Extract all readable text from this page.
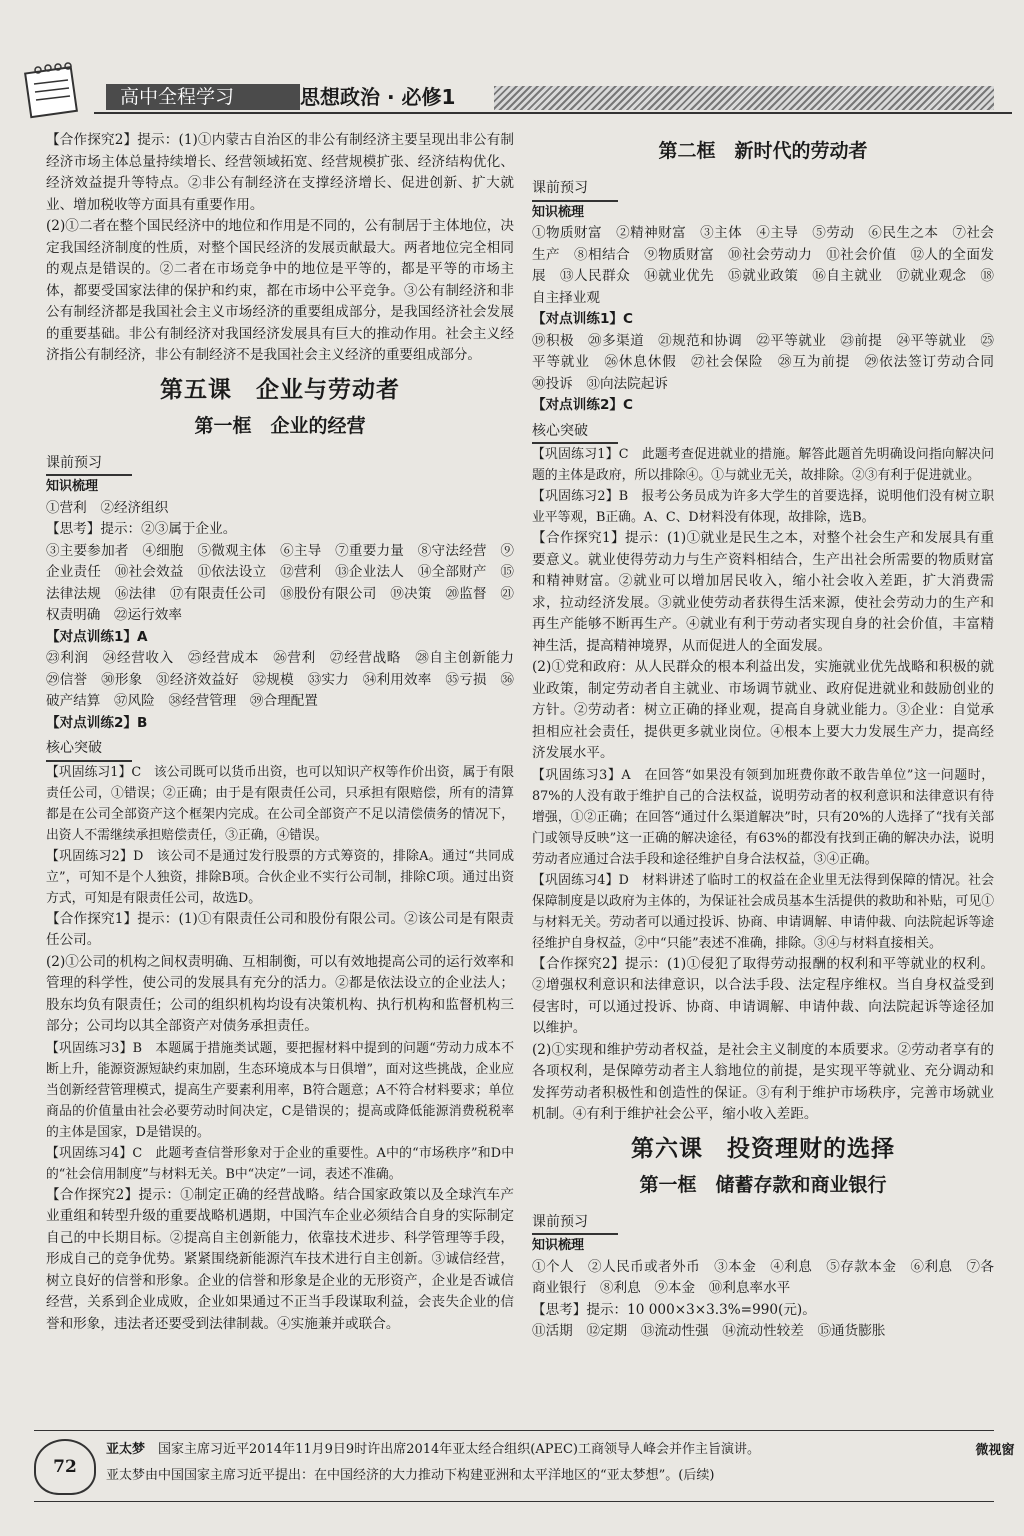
高中全程学习	思想政治 · 必修1

【合作探究2】提示：(1)①内蒙古自治区的非公有制经济主要呈现出非公有制经济市场主体总量持续增长、经营领域拓宽、经营规模扩张、经济结构优化、经济效益提升等特点。②非公有制经济在支撑经济增长、促进创新、扩大就业、增加税收等方面具有重要作用。

(2)①二者在整个国民经济中的地位和作用是不同的，公有制居于主体地位，决定我国经济制度的性质，对整个国民经济的发展贡献最大。两者地位完全相同的观点是错误的。②二者在市场竞争中的地位是平等的，都是平等的市场主体，都要受国家法律的保护和约束，都在市场中公平竞争。③公有制经济和非公有制经济都是我国社会主义市场经济的重要组成部分，是我国经济社会发展的重要基础。非公有制经济对我国经济发展具有巨大的推动作用。社会主义经济指公有制经济，非公有制经济不是我国社会主义经济的重要组成部分。

第五课　企业与劳动者
第一框　企业的经营
课前预习
知识梳理

①营利　②经济组织

【思考】提示：②③属于企业。

③主要参加者　④细胞　⑤微观主体　⑥主导　⑦重要力量　⑧守法经营　⑨企业责任　⑩社会效益　⑪依法设立　⑫营利　⑬企业法人　⑭全部财产　⑮法律法规　⑯法律　⑰有限责任公司　⑱股份有限公司　⑲决策　⑳监督　㉑权责明确　㉒运行效率

【对点训练1】A

㉓利润　㉔经营收入　㉕经营成本　㉖营利　㉗经营战略　㉘自主创新能力　㉙信誉　㉚形象　㉛经济效益好　㉜规模　㉝实力　㉞利用效率　㉟亏损　㊱破产结算　㊲风险　㊳经营管理　㊴合理配置

【对点训练2】B

核心突破

【巩固练习1】C　该公司既可以货币出资，也可以知识产权等作价出资，属于有限责任公司，①错误；②正确；由于是有限责任公司，只承担有限赔偿，所有的清算都是在公司全部资产这个框架内完成。在公司全部资产不足以清偿债务的情况下，出资人不需继续承担赔偿责任，③正确，④错误。

【巩固练习2】D　该公司不是通过发行股票的方式筹资的，排除A。通过“共同成立”，可知不是个人独资，排除B项。合伙企业不实行公司制，排除C项。通过出资方式，可知是有限责任公司，故选D。

【合作探究1】提示：(1)①有限责任公司和股份有限公司。②该公司是有限责任公司。

(2)①公司的机构之间权责明确、互相制衡，可以有效地提高公司的运行效率和管理的科学性，使公司的发展具有充分的活力。②都是依法设立的企业法人；股东均负有限责任；公司的组织机构均设有决策机构、执行机构和监督机构三部分；公司均以其全部资产对债务承担责任。

【巩固练习3】B　本题属于措施类试题，要把握材料中提到的问题“劳动力成本不断上升，能源资源短缺约束加剧，生态环境成本与日俱增”，面对这些挑战，企业应当创新经营管理模式，提高生产要素利用率，B符合题意；A不符合材料要求；单位商品的价值量由社会必要劳动时间决定，C是错误的；提高或降低能源消费税税率的主体是国家，D是错误的。

【巩固练习4】C　此题考查信誉形象对于企业的重要性。A中的“市场秩序”和D中的“社会信用制度”与材料无关。B中“决定”一词，表述不准确。

【合作探究2】提示：①制定正确的经营战略。结合国家政策以及全球汽车产业重组和转型升级的重要战略机遇期，中国汽车企业必须结合自身的实际制定自己的中长期目标。②提高自主创新能力，依靠技术进步、科学管理等手段，形成自己的竞争优势。紧紧围绕新能源汽车技术进行自主创新。③诚信经营，树立良好的信誉和形象。企业的信誉和形象是企业的无形资产，企业是否诚信经营，关系到企业成败，企业如果通过不正当手段谋取利益，会丧失企业的信誉和形象，违法者还要受到法律制裁。④实施兼并或联合。

第二框　新时代的劳动者
课前预习
知识梳理

①物质财富　②精神财富　③主体　④主导　⑤劳动　⑥民生之本　⑦社会生产　⑧相结合　⑨物质财富　⑩社会劳动力　⑪社会价值　⑫人的全面发展　⑬人民群众　⑭就业优先　⑮就业政策　⑯自主就业　⑰就业观念　⑱自主择业观

【对点训练1】C

⑲积极　⑳多渠道　㉑规范和协调　㉒平等就业　㉓前提　㉔平等就业　㉕平等就业　㉖休息休假　㉗社会保险　㉘互为前提　㉙依法签订劳动合同　㉚投诉　㉛向法院起诉

【对点训练2】C

核心突破

【巩固练习1】C　此题考查促进就业的措施。解答此题首先明确设问指向解决问题的主体是政府，所以排除④。①与就业无关，故排除。②③有利于促进就业。

【巩固练习2】B　报考公务员成为许多大学生的首要选择，说明他们没有树立职业平等观，B正确。A、C、D材料没有体现，故排除，选B。

【合作探究1】提示：(1)①就业是民生之本，对整个社会生产和发展具有重要意义。就业使得劳动力与生产资料相结合，生产出社会所需要的物质财富和精神财富。②就业可以增加居民收入，缩小社会收入差距，扩大消费需求，拉动经济发展。③就业使劳动者获得生活来源，使社会劳动力的生产和再生产能够不断再生产。④就业有利于劳动者实现自身的社会价值，丰富精神生活，提高精神境界，从而促进人的全面发展。

(2)①党和政府：从人民群众的根本利益出发，实施就业优先战略和积极的就业政策，制定劳动者自主就业、市场调节就业、政府促进就业和鼓励创业的方针。②劳动者：树立正确的择业观，提高自身就业能力。③企业：自觉承担相应社会责任，提供更多就业岗位。④根本上要大力发展生产力，提高经济发展水平。

【巩固练习3】A　在回答“如果没有领到加班费你敢不敢告单位”这一问题时，87%的人没有敢于维护自己的合法权益，说明劳动者的权利意识和法律意识有待增强，①②正确；在回答“通过什么渠道解决”时，只有20%的人选择了“找有关部门或领导反映”这一正确的解决途径，有63%的都没有找到正确的解决办法，说明劳动者应通过合法手段和途径维护自身合法权益，③④正确。

【巩固练习4】D　材料讲述了临时工的权益在企业里无法得到保障的情况。社会保障制度是以政府为主体的，为保证社会成员基本生活提供的救助和补贴，可见①与材料无关。劳动者可以通过投诉、协商、申请调解、申请仲裁、向法院起诉等途径维护自身权益，②中“只能”表述不准确，排除。③④与材料直接相关。

【合作探究2】提示：(1)①侵犯了取得劳动报酬的权利和平等就业的权利。②增强权利意识和法律意识，以合法手段、法定程序维权。当自身权益受到侵害时，可以通过投诉、协商、申请调解、申请仲裁、向法院起诉等途径加以维护。

(2)①实现和维护劳动者权益，是社会主义制度的本质要求。②劳动者享有的各项权利，是保障劳动者主人翁地位的前提，是实现平等就业、充分调动和发挥劳动者积极性和创造性的保证。③有利于维护市场秩序，完善市场就业机制。④有利于维护社会公平，缩小收入差距。

第六课　投资理财的选择
第一框　储蓄存款和商业银行
课前预习
知识梳理

①个人　②人民币或者外币　③本金　④利息　⑤存款本金　⑥利息　⑦各商业银行　⑧利息　⑨本金　⑩利息率水平

【思考】提示：10 000×3×3.3%=990(元)。

⑪活期　⑫定期　⑬流动性强　⑭流动性较差　⑮通货膨胀

72
亚太梦　 国家主席习近平2014年11月9日9时许出席2014年亚太经合组织(APEC)工商领导人峰会并作主旨演讲。
亚太梦由中国国家主席习近平提出：在中国经济的大力推动下构建亚洲和太平洋地区的“亚太梦想”。(后续)
微视窗
